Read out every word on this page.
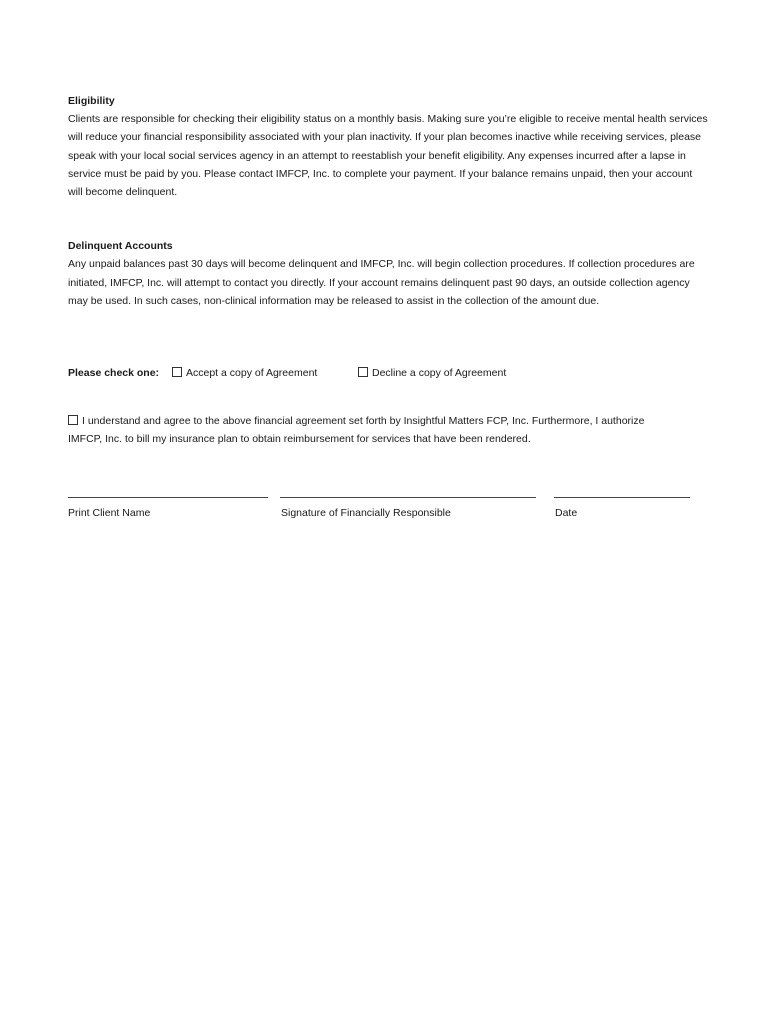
Eligibility

Clients are responsible for checking their eligibility status on a monthly basis. Making sure you’re eligible to receive mental health services will reduce your financial responsibility associated with your plan inactivity. If your plan becomes inactive while receiving services, please speak with your local social services agency in an attempt to reestablish your benefit eligibility. Any expenses incurred after a lapse in service must be paid by you. Please contact IMFCP, Inc. to complete your payment. If your balance remains unpaid, then your account will become delinquent.

Delinquent Accounts

Any unpaid balances past 30 days will become delinquent and IMFCP, Inc. will begin collection procedures. If collection procedures are initiated, IMFCP, Inc. will attempt to contact you directly. If your account remains delinquent past 90 days, an outside collection agency may be used. In such cases, non-clinical information may be released to assist in the collection of the amount due.

Please check one:	Accept a copy of Agreement	Decline a copy of Agreement
I understand and agree to the above financial agreement set forth by Insightful Matters FCP, Inc. Furthermore, I authorize IMFCP, Inc. to bill my insurance plan to obtain reimbursement for services that have been rendered.
Print Client Name	Signature of Financially Responsible	Date
